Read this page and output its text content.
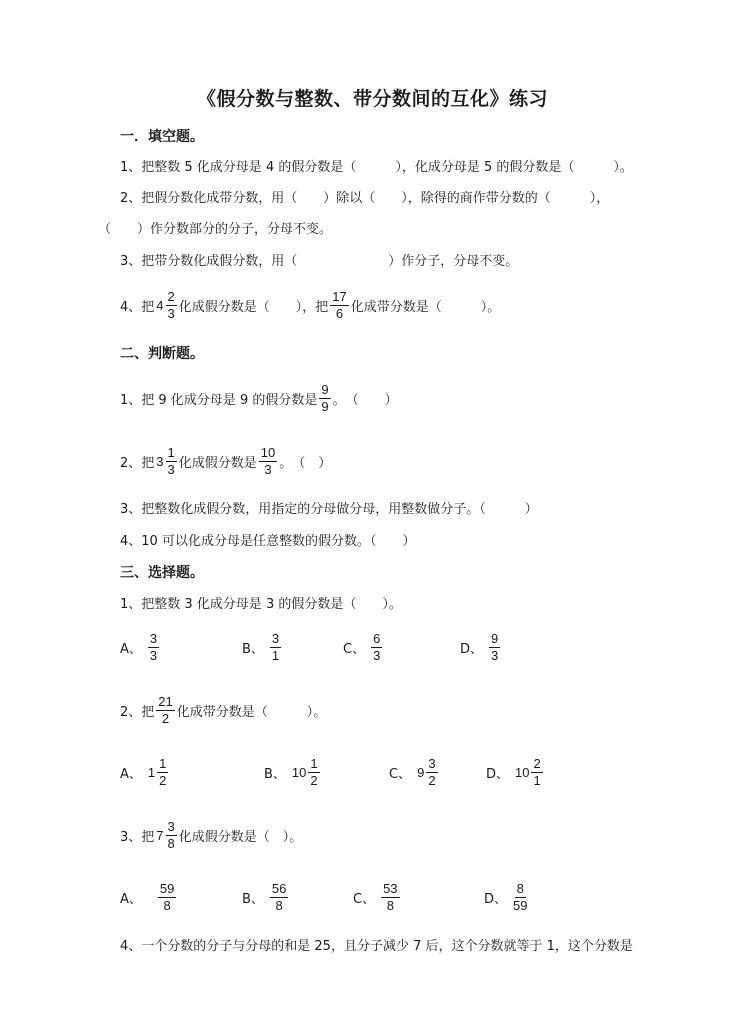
《假分数与整数、带分数间的互化》练习
一．填空题。
1、把整数 5 化成分母是 4 的假分数是（　　　），化成分母是 5 的假分数是（　　　）。
2、把假分数化成带分数，用（　　）除以（　　），除得的商作带分数的（　　　），
（　　）作分数部分的分子，分母不变。
3、把带分数化成假分数，用（　　　　　　　）作分子，分母不变。
4、把 $4 \frac{2}{3}$ 化成假分数是（　　），把 $\frac{17}{6}$ 化成带分数是（　　　）。
二、判断题。
1、把 9 化成分母是 9 的假分数是 $\frac{9}{9}$ 。　（　　）
2、把 $3 \frac{1}{3}$ 化成假分数是 $\frac{10}{3}$ 。　（　）
3、把整数化成假分数，用指定的分母做分母，用整数做分子。（　　　）
4、10 可以化成分母是任意整数的假分数。（　　）
三、选择题。
1、把整数 3 化成分母是 3 的假分数是（　　）。
A、 $\frac{3}{3}$	B、 $\frac{3}{1}$	C、 $\frac{6}{3}$	D、 $\frac{9}{3}$
2、把 $\frac{21}{2}$ 化成带分数是（　　　）。
A、 $1 \frac{1}{2}$	B、 $10 \frac{1}{2}$	C、 $9 \frac{3}{2}$	D、 $10 \frac{2}{1}$
3、把 $7 \frac{3}{8}$ 化成假分数是（　）。
A、 $\frac{59}{8}$	B、 $\frac{56}{8}$	C、 $\frac{53}{8}$	D、 $\frac{8}{59}$
4、一个分数的分子与分母的和是 25，且分子减少 7 后，这个分数就等于 1，这个分数是
